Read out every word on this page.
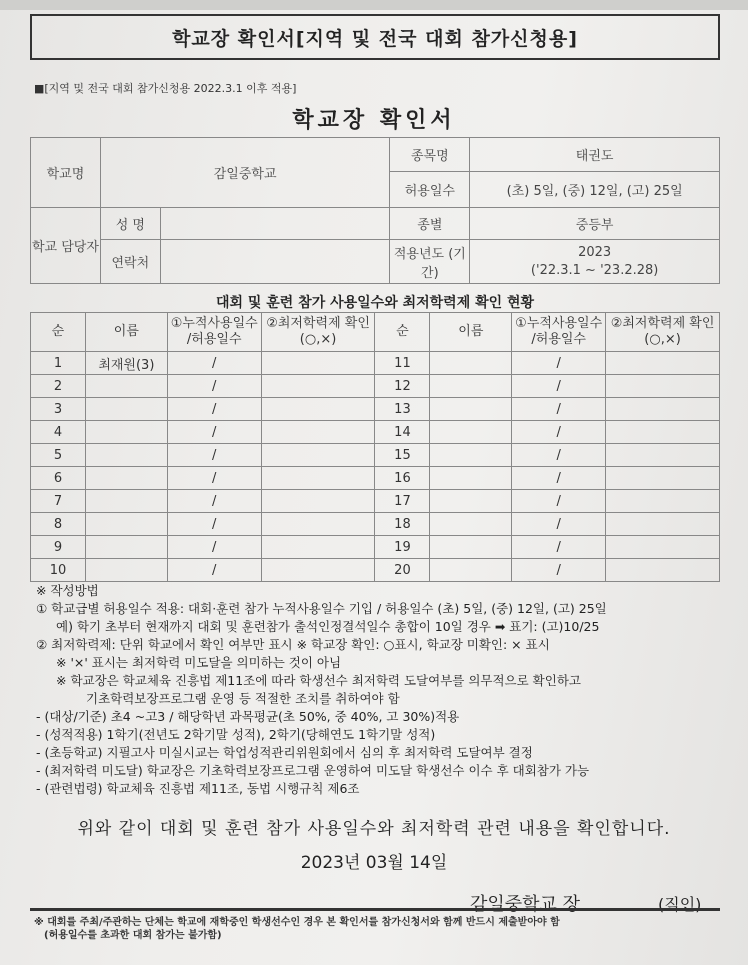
학교장 확인서[지역 및 전국 대회 참가신청용]
■[지역 및 전국 대회 참가신청용 2022.3.1 이후 적용]
학교장 확인서
학교명	감일중학교		종목명	태권도
			허용일수	(초) 5일, (중) 12일, (고) 25일
학교 담당자	성 명		종별	중등부
	연락처		적용년도 (기간)	2023
('22.3.1 ~ '23.2.28)
대회 및 훈련 참가 사용일수와 최저학력제 확인 현황
순	이름	①누적사용일수 /허용일수	②최저학력제 확인(○,×)	순	이름	①누적사용일수 /허용일수	②최저학력제 확인(○,×)
1	최재원(3)	/		11		/	
2		/		12		/	
3		/		13		/	
4		/		14		/	
5		/		15		/	
6		/		16		/	
7		/		17		/	
8		/		18		/	
9		/		19		/	
10		/		20		/	
※ 작성방법
① 학교급별 허용일수 적용: 대회·훈련 참가 누적사용일수 기입 / 허용일수 (초) 5일, (중) 12일, (고) 25일
예) 학기 초부터 현재까지 대회 및 훈련참가 출석인정결석일수 총합이 10일 경우 ➡ 표기: (고)10/25
② 최저학력제: 단위 학교에서 확인 여부만 표시 ※ 학교장 확인: ○표시, 학교장 미확인: × 표시
※ '×' 표시는 최저학력 미도달을 의미하는 것이 아님
※ 학교장은 학교체육 진흥법 제11조에 따라 학생선수 최저학력 도달여부를 의무적으로 확인하고
기초학력보장프로그램 운영 등 적절한 조치를 취하여야 함
- (대상/기준) 초4 ~고3 / 해당학년 과목평균(초 50%, 중 40%, 고 30%)적용
- (성적적용) 1학기(전년도 2학기말 성적), 2학기(당해연도 1학기말 성적)
- (초등학교) 지필고사 미실시교는 학업성적관리위원회에서 심의 후 최저학력 도달여부 결정
- (최저학력 미도달) 학교장은 기초학력보장프로그램 운영하여 미도달 학생선수 이수 후 대회참가 가능
- (관련법령) 학교체육 진흥법 제11조, 동법 시행규칙 제6조
위와 같이 대회 및 훈련 참가 사용일수와 최저학력 관련 내용을 확인합니다.
2023년 03월 14일
감일중학교 장	(직인)
※ 대회를 주최/주관하는 단체는 학교에 재학중인 학생선수인 경우 본 확인서를 참가신청서와 함께 반드시 제출받아야 함
(허용일수를 초과한 대회 참가는 불가함)
